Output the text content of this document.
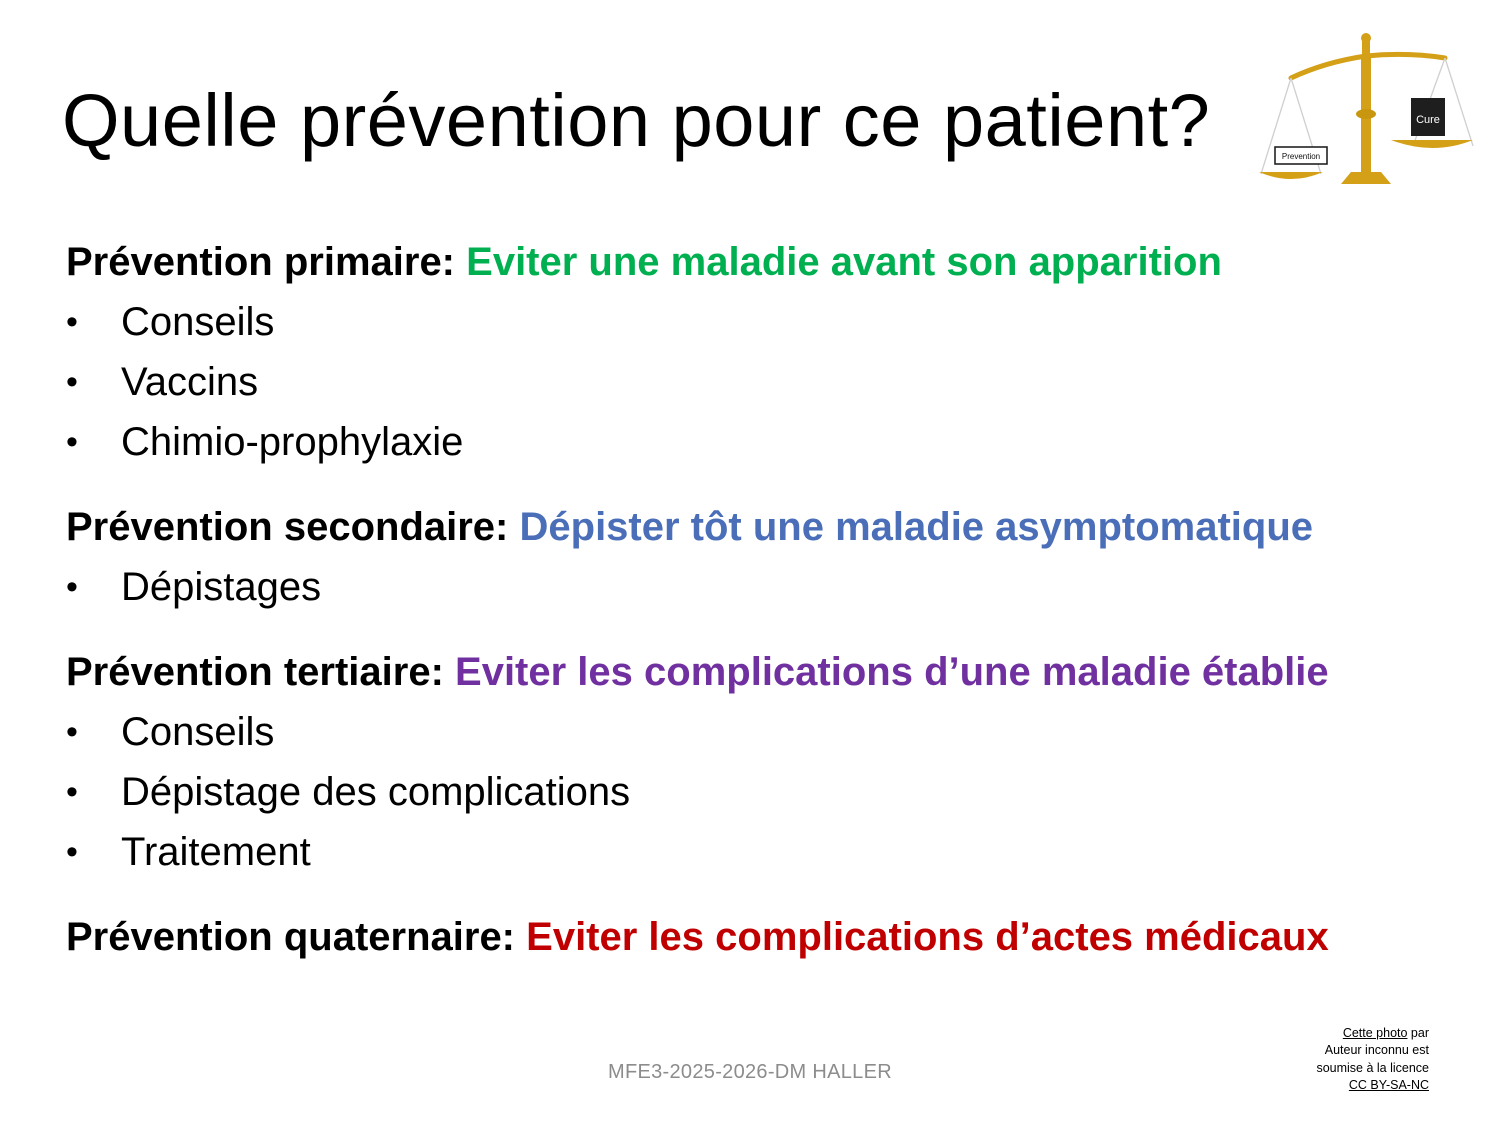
Quelle prévention pour ce patient?	Prevention
Cure

Prévention primaire: Eviter une maladie avant son apparition

• Conseils
• Vaccins
• Chimio-prophylaxie

Prévention secondaire: Dépister tôt une maladie asymptomatique

• Dépistages

Prévention tertiaire: Eviter les complications d’une maladie établie

• Conseils
• Dépistage des complications
• Traitement

Prévention quaternaire: Eviter les complications d’actes médicaux

MFE3-2025-2026-DM HALLER
Cette photo par
Auteur inconnu est
soumise à la licence
CC BY-SA-NC
